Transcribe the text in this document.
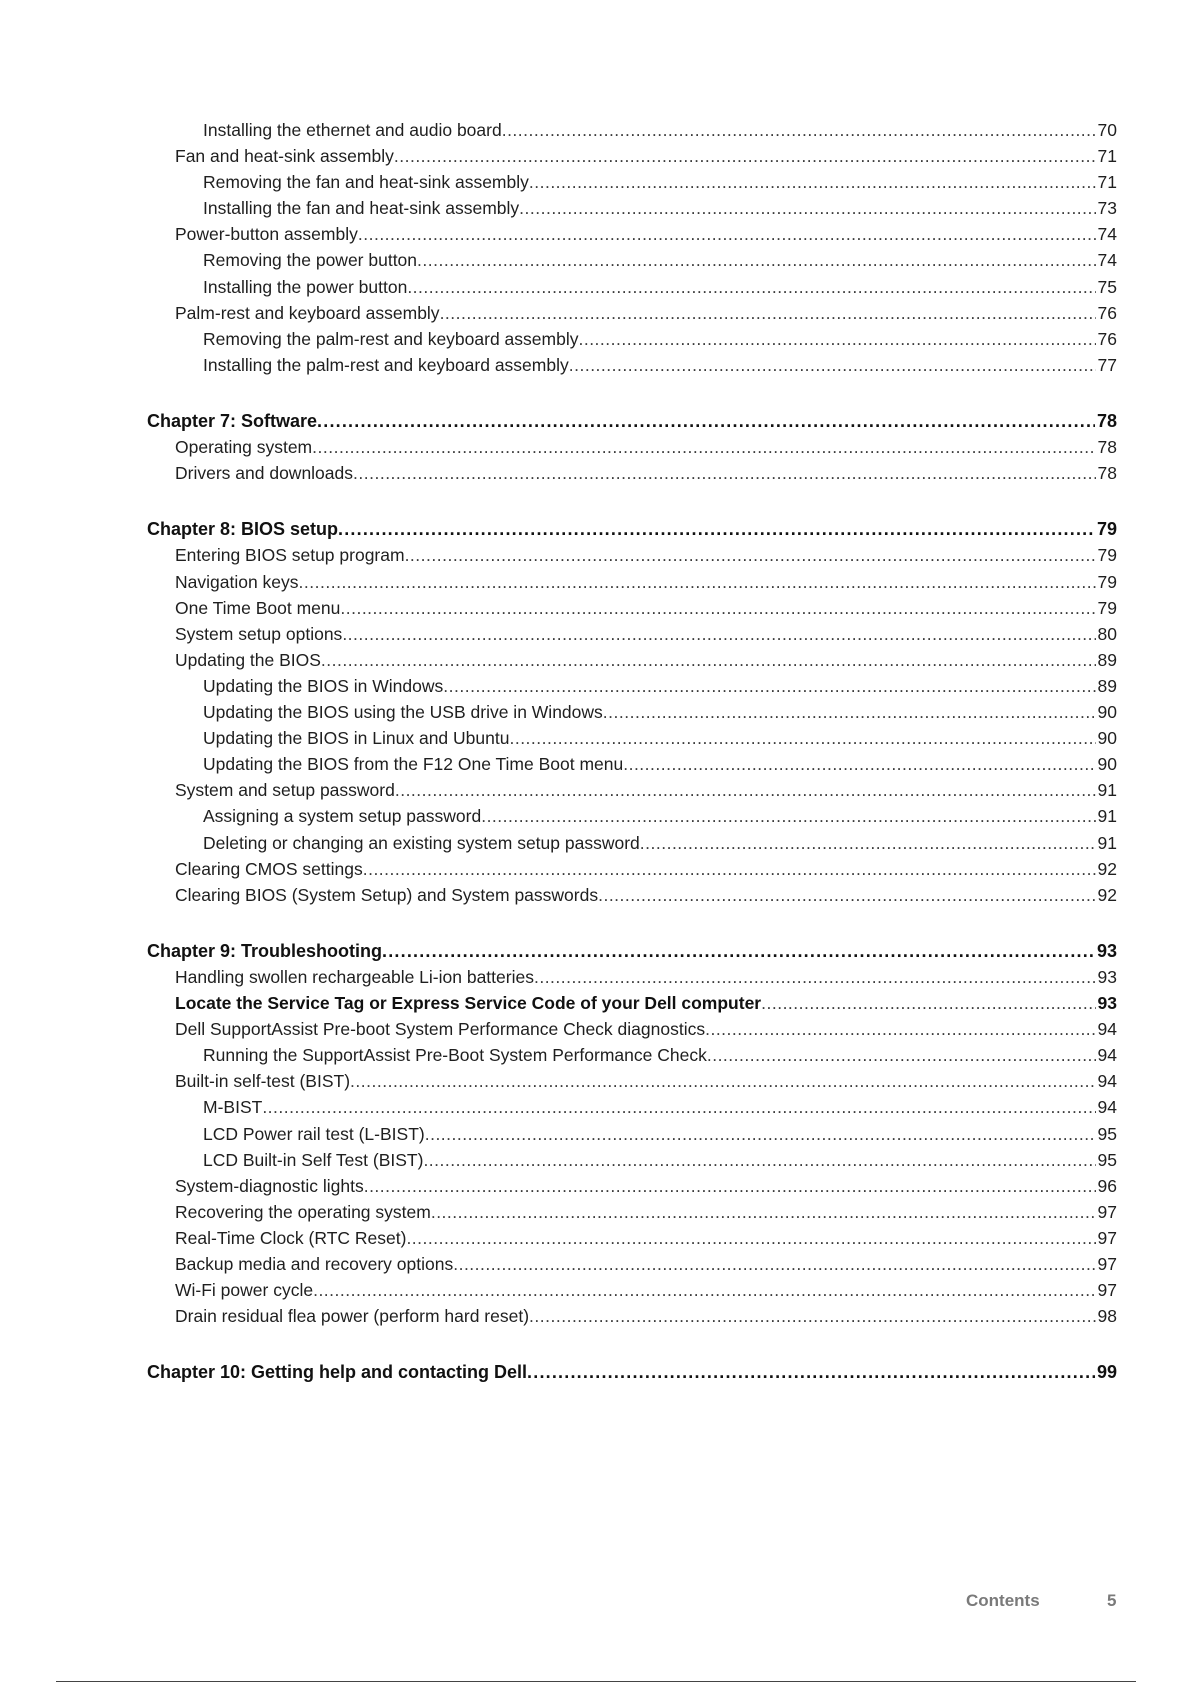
Installing the ethernet and audio board .....	70
Fan and heat-sink assembly .....	71
Removing the fan and heat-sink assembly .....	71
Installing the fan and heat-sink assembly .....	73
Power-button assembly .....	74
Removing the power button .....	74
Installing the power button .....	75
Palm-rest and keyboard assembly .....	76
Removing the palm-rest and keyboard assembly .....	76
Installing the palm-rest and keyboard assembly .....	77
Chapter 7: Software .....	78
Operating system .....	78
Drivers and downloads .....	78
Chapter 8: BIOS setup .....	79
Entering BIOS setup program .....	79
Navigation keys .....	79
One Time Boot menu .....	79
System setup options .....	80
Updating the BIOS .....	89
Updating the BIOS in Windows .....	89
Updating the BIOS using the USB drive in Windows .....	90
Updating the BIOS in Linux and Ubuntu .....	90
Updating the BIOS from the F12 One Time Boot menu .....	90
System and setup password .....	91
Assigning a system setup password .....	91
Deleting or changing an existing system setup password .....	91
Clearing CMOS settings .....	92
Clearing BIOS (System Setup) and System passwords .....	92
Chapter 9: Troubleshooting .....	93
Handling swollen rechargeable Li-ion batteries .....	93
Locate the Service Tag or Express Service Code of your Dell computer .....	93
Dell SupportAssist Pre-boot System Performance Check diagnostics .....	94
Running the SupportAssist Pre-Boot System Performance Check .....	94
Built-in self-test (BIST) .....	94
M-BIST .....	94
LCD Power rail test (L-BIST) .....	95
LCD Built-in Self Test (BIST) .....	95
System-diagnostic lights .....	96
Recovering the operating system .....	97
Real-Time Clock (RTC Reset) .....	97
Backup media and recovery options .....	97
Wi-Fi power cycle .....	97
Drain residual flea power (perform hard reset) .....	98
Chapter 10: Getting help and contacting Dell .....	99
Contents	5
